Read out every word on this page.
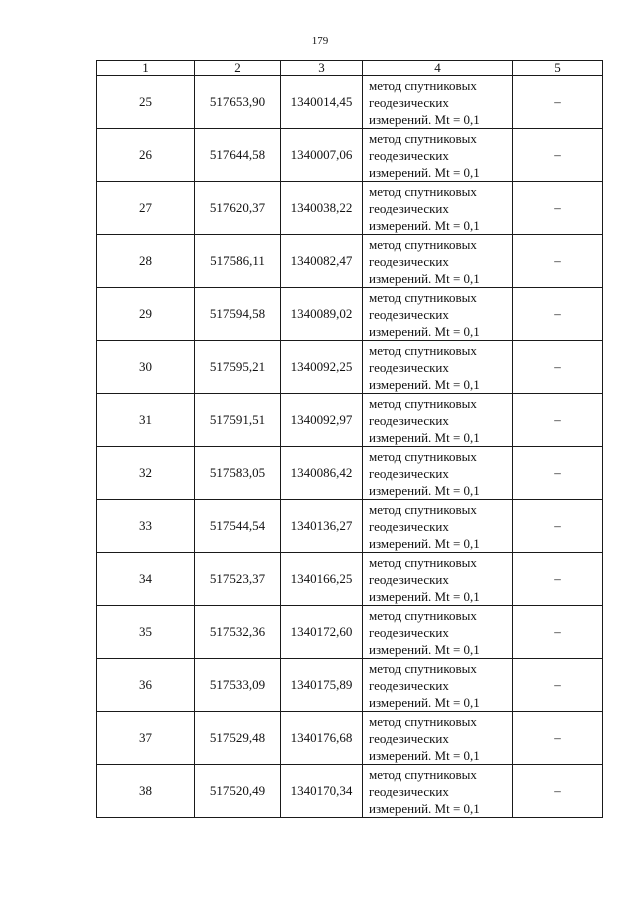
179
1	2	3	4	5
25	517653,90	1340014,45	метод спутниковых
геодезических
измерений. Mt = 0,1	–
26	517644,58	1340007,06	метод спутниковых
геодезических
измерений. Mt = 0,1	–
27	517620,37	1340038,22	метод спутниковых
геодезических
измерений. Mt = 0,1	–
28	517586,11	1340082,47	метод спутниковых
геодезических
измерений. Mt = 0,1	–
29	517594,58	1340089,02	метод спутниковых
геодезических
измерений. Mt = 0,1	–
30	517595,21	1340092,25	метод спутниковых
геодезических
измерений. Mt = 0,1	–
31	517591,51	1340092,97	метод спутниковых
геодезических
измерений. Mt = 0,1	–
32	517583,05	1340086,42	метод спутниковых
геодезических
измерений. Mt = 0,1	–
33	517544,54	1340136,27	метод спутниковых
геодезических
измерений. Mt = 0,1	–
34	517523,37	1340166,25	метод спутниковых
геодезических
измерений. Mt = 0,1	–
35	517532,36	1340172,60	метод спутниковых
геодезических
измерений. Mt = 0,1	–
36	517533,09	1340175,89	метод спутниковых
геодезических
измерений. Mt = 0,1	–
37	517529,48	1340176,68	метод спутниковых
геодезических
измерений. Mt = 0,1	–
38	517520,49	1340170,34	метод спутниковых
геодезических
измерений. Mt = 0,1	–
